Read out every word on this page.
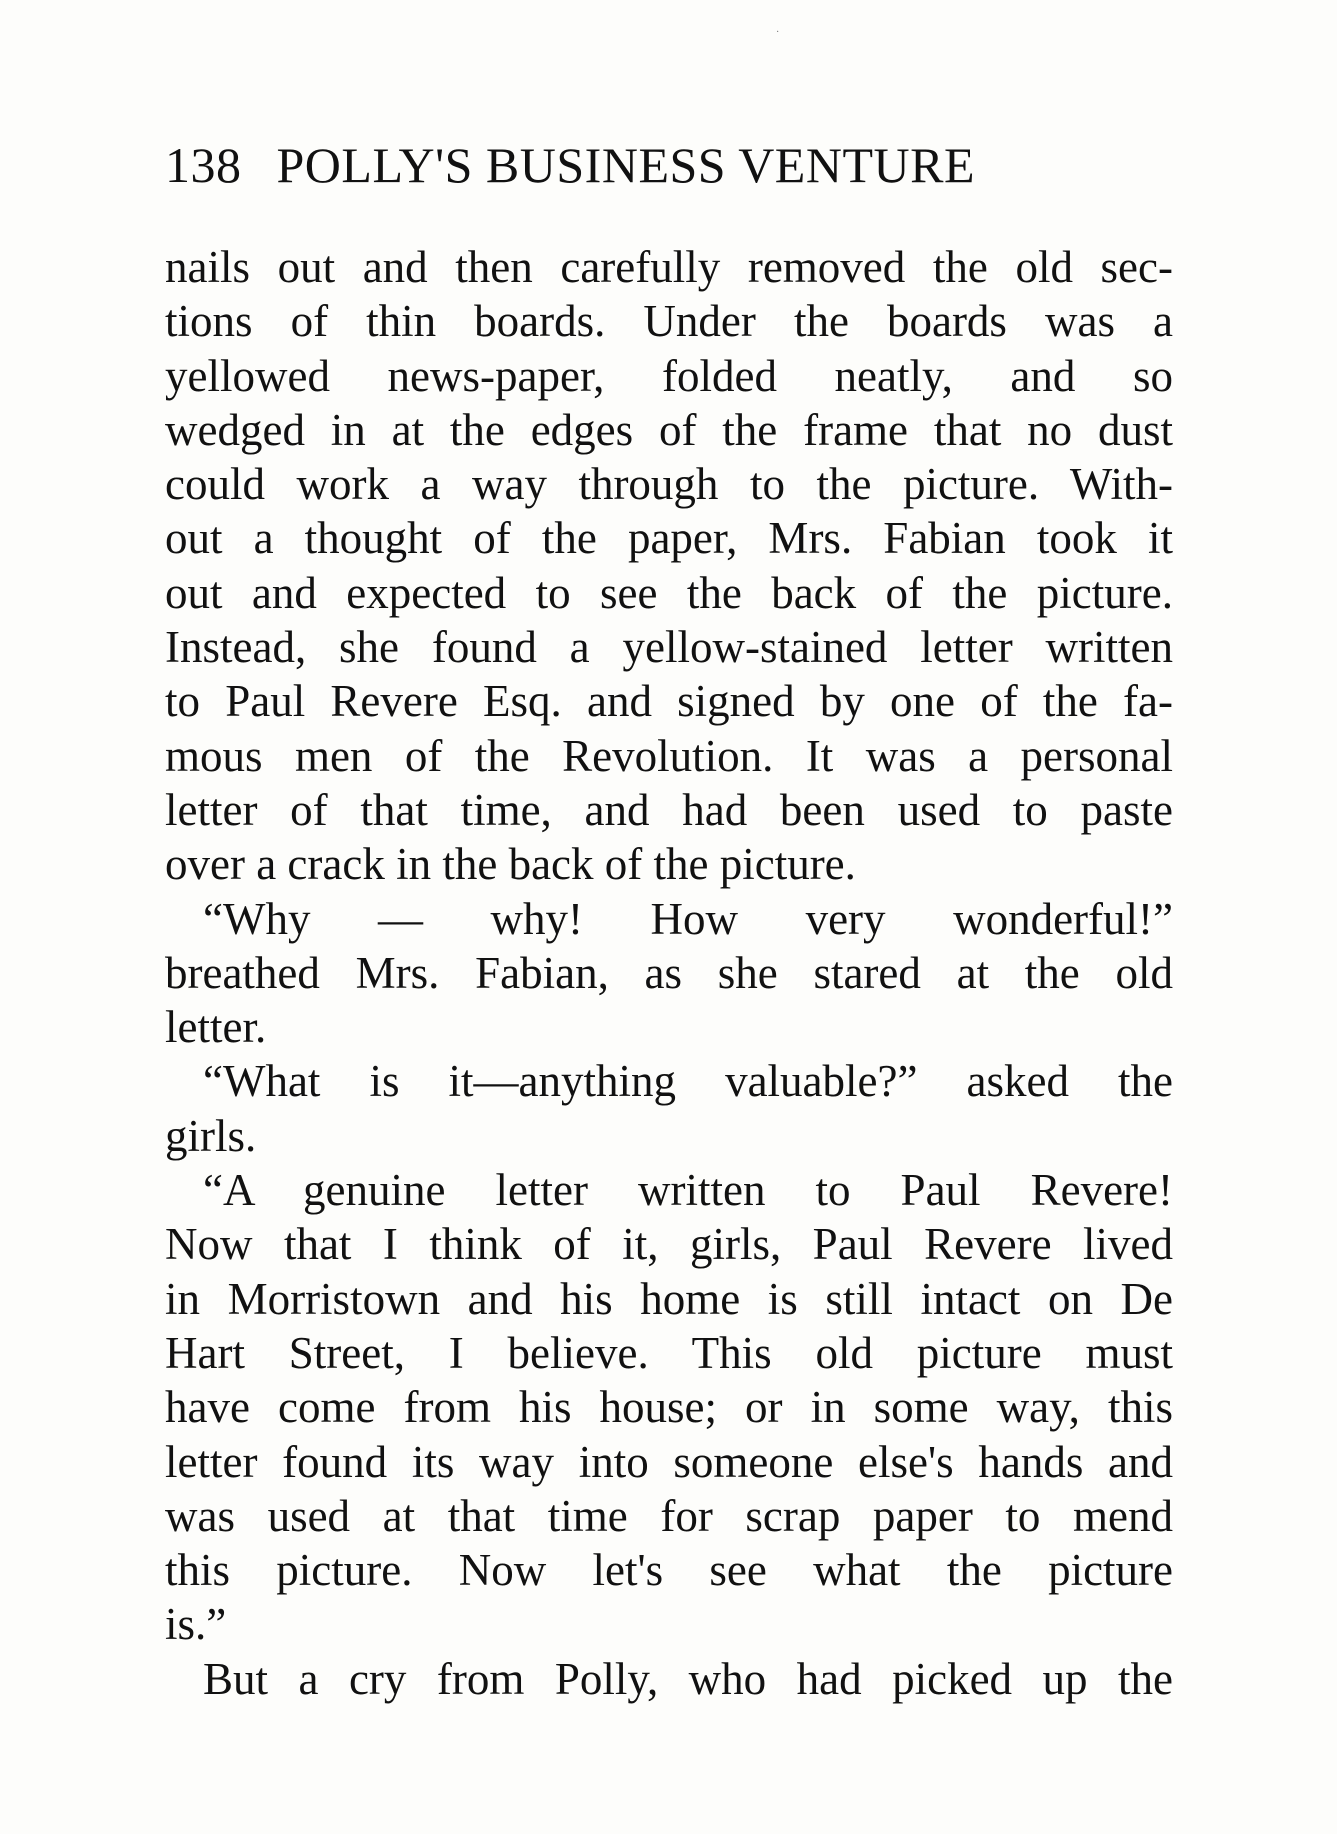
138 POLLY'S BUSINESS VENTURE
nails out and then carefully removed the old sec-
tions of thin boards. Under the boards was a
yellowed news-paper, folded neatly, and so
wedged in at the edges of the frame that no dust
could work a way through to the picture. With-
out a thought of the paper, Mrs. Fabian took it
out and expected to see the back of the picture.
Instead, she found a yellow-stained letter written
to Paul Revere Esq. and signed by one of the fa-
mous men of the Revolution. It was a personal
letter of that time, and had been used to paste
over a crack in the back of the picture.
“Why — why! How very wonderful!”
breathed Mrs. Fabian, as she stared at the old
letter.
“What is it—anything valuable?” asked the
girls.
“A genuine letter written to Paul Revere!
Now that I think of it, girls, Paul Revere lived
in Morristown and his home is still intact on De
Hart Street, I believe. This old picture must
have come from his house; or in some way, this
letter found its way into someone else's hands and
was used at that time for scrap paper to mend
this picture. Now let's see what the picture
is.”
But a cry from Polly, who had picked up the
·
